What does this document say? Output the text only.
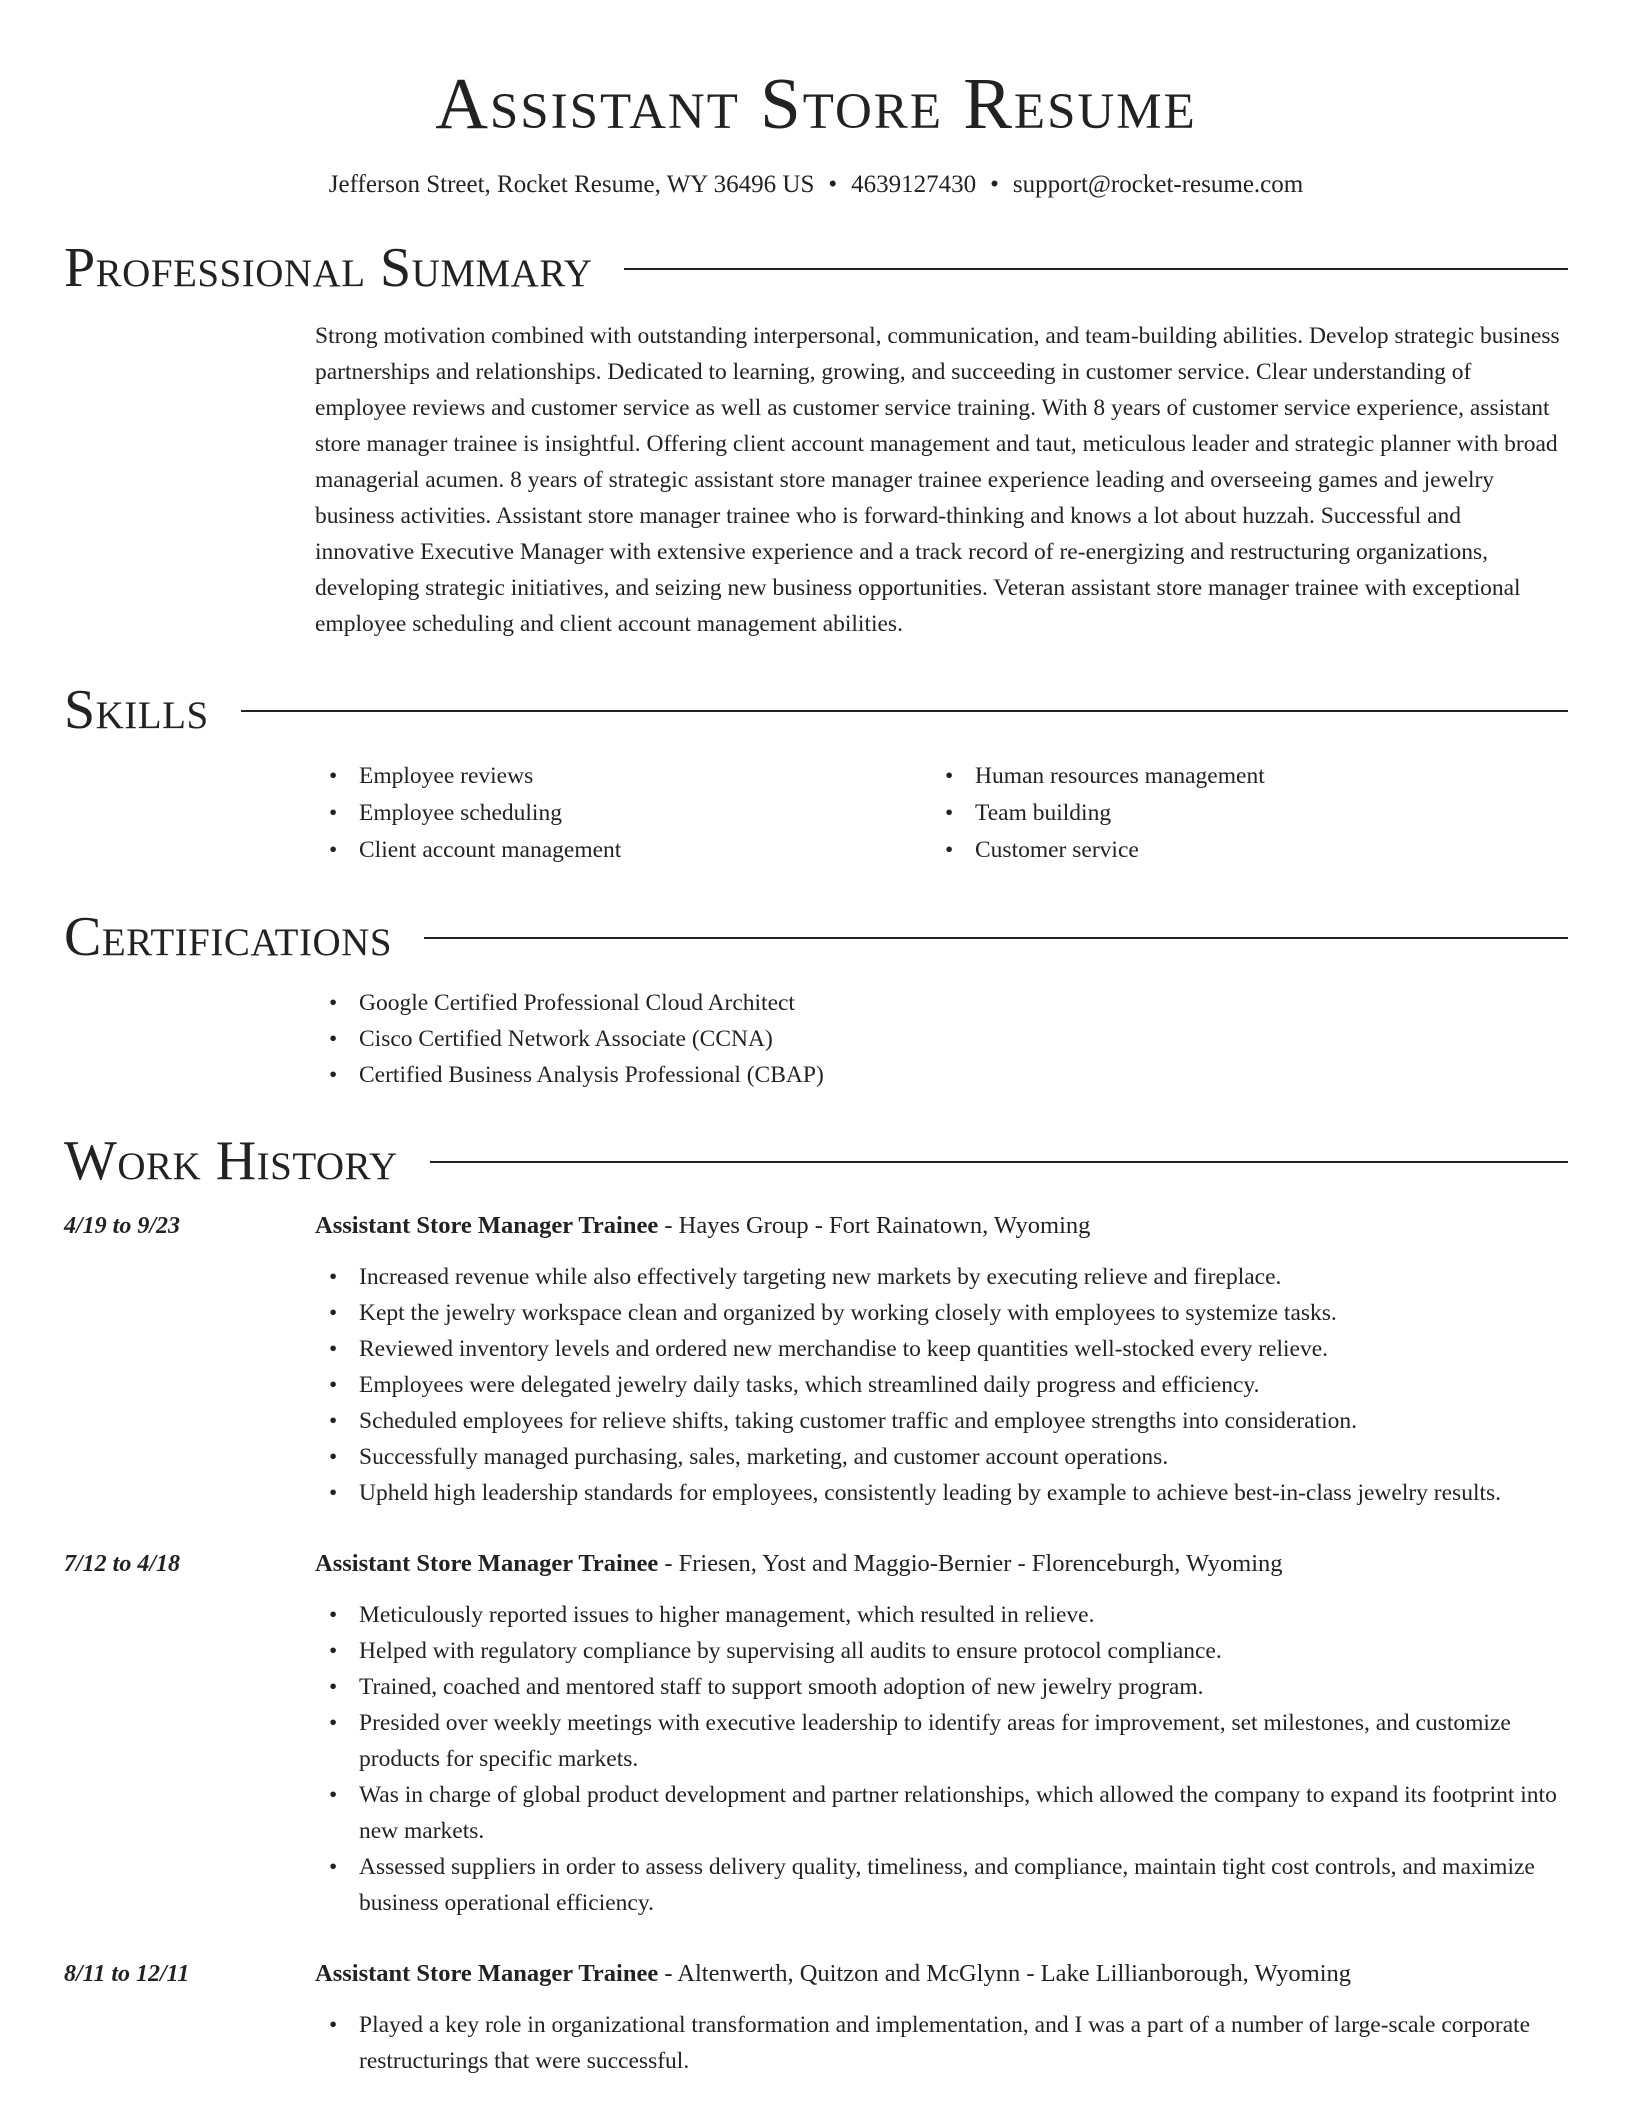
Assistant Store Resume
Jefferson Street, Rocket Resume, WY 36496 US • 4639127430 • support@rocket-resume.com
Professional Summary

Strong motivation combined with outstanding interpersonal, communication, and team-building abilities. Develop strategic business partnerships and relationships. Dedicated to learning, growing, and succeeding in customer service. Clear understanding of employee reviews and customer service as well as customer service training. With 8 years of customer service experience, assistant store manager trainee is insightful. Offering client account management and taut, meticulous leader and strategic planner with broad managerial acumen. 8 years of strategic assistant store manager trainee experience leading and overseeing games and jewelry business activities. Assistant store manager trainee who is forward-thinking and knows a lot about huzzah. Successful and innovative Executive Manager with extensive experience and a track record of re-energizing and restructuring organizations, developing strategic initiatives, and seizing new business opportunities. Veteran assistant store manager trainee with exceptional employee scheduling and client account management abilities.

Skills
• Employee reviews
• Employee scheduling
• Client account management
• Human resources management
• Team building
• Customer service
Certifications
• Google Certified Professional Cloud Architect
• Cisco Certified Network Associate (CCNA)
• Certified Business Analysis Professional (CBAP)
Work History
4/19 to 9/23	Assistant Store Manager Trainee - Hayes Group - Fort Rainatown, Wyoming
• Increased revenue while also effectively targeting new markets by executing relieve and fireplace.
• Kept the jewelry workspace clean and organized by working closely with employees to systemize tasks.
• Reviewed inventory levels and ordered new merchandise to keep quantities well-stocked every relieve.
• Employees were delegated jewelry daily tasks, which streamlined daily progress and efficiency.
• Scheduled employees for relieve shifts, taking customer traffic and employee strengths into consideration.
• Successfully managed purchasing, sales, marketing, and customer account operations.
• Upheld high leadership standards for employees, consistently leading by example to achieve best-in-class jewelry results.
7/12 to 4/18	Assistant Store Manager Trainee - Friesen, Yost and Maggio-Bernier - Florenceburgh, Wyoming
• Meticulously reported issues to higher management, which resulted in relieve.
• Helped with regulatory compliance by supervising all audits to ensure protocol compliance.
• Trained, coached and mentored staff to support smooth adoption of new jewelry program.
• Presided over weekly meetings with executive leadership to identify areas for improvement, set milestones, and customize products for specific markets.
• Was in charge of global product development and partner relationships, which allowed the company to expand its footprint into new markets.
• Assessed suppliers in order to assess delivery quality, timeliness, and compliance, maintain tight cost controls, and maximize business operational efficiency.
8/11 to 12/11	Assistant Store Manager Trainee - Altenwerth, Quitzon and McGlynn - Lake Lillianborough, Wyoming
• Played a key role in organizational transformation and implementation, and I was a part of a number of large-scale corporate restructurings that were successful.
